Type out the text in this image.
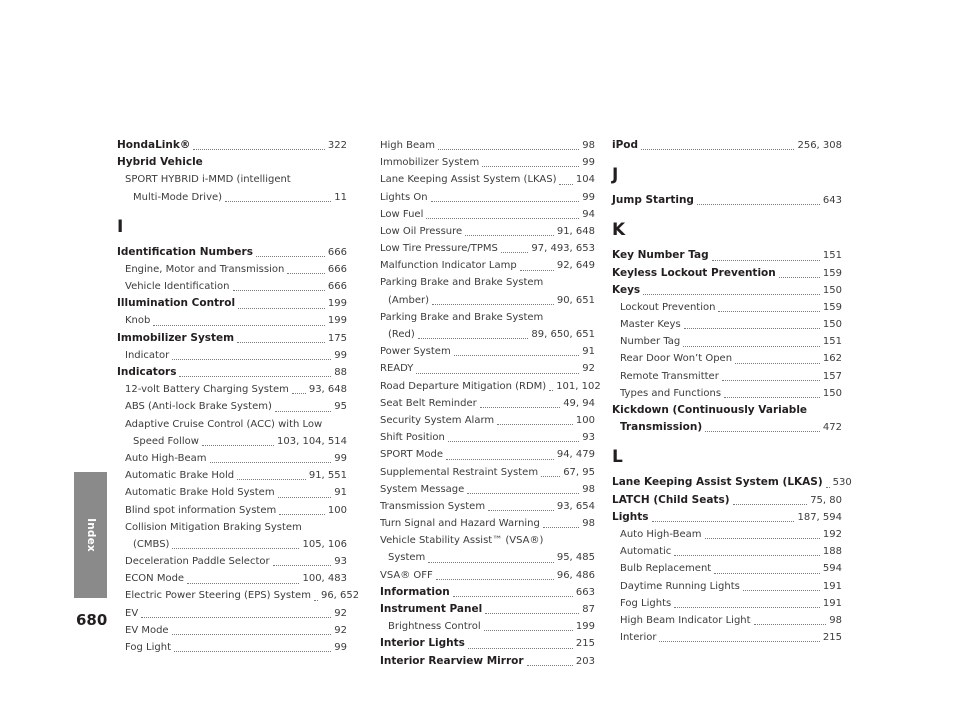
HondaLink®	322
Hybrid Vehicle
SPORT HYBRID i-MMD (intelligent
Multi-Mode Drive)	11
I
Identification Numbers	666
Engine, Motor and Transmission	666
Vehicle Identification	666
Illumination Control	199
Knob	199
Immobilizer System	175
Indicator	99
Indicators	88
12-volt Battery Charging System 93, 648
ABS (Anti-lock Brake System)	95
Adaptive Cruise Control (ACC) with Low
Speed Follow	103, 104, 514
Auto High-Beam	99
Automatic Brake Hold	91, 551
Automatic Brake Hold System	91
Blind spot information System	100
Collision Mitigation Braking System
(CMBS)	105, 106
Deceleration Paddle Selector	93
ECON Mode	100, 483
Electric Power Steering (EPS) System 96, 652
EV	92
EV Mode	92
Fog Light	99
High Beam	98
Immobilizer System	99
Lane Keeping Assist System (LKAS) 104
Lights On	99
Low Fuel	94
Low Oil Pressure	91, 648
Low Tire Pressure/TPMS	97, 493, 653
Malfunction Indicator Lamp	92, 649
Parking Brake and Brake System
(Amber)	90, 651
Parking Brake and Brake System
(Red)	89, 650, 651
Power System	91
READY	92
Road Departure Mitigation (RDM) 101, 102
Seat Belt Reminder	49, 94
Security System Alarm	100
Shift Position	93
SPORT Mode	94, 479
Supplemental Restraint System	67, 95
System Message	98
Transmission System	93, 654
Turn Signal and Hazard Warning	98
Vehicle Stability Assist™ (VSA®)
System	95, 485
VSA® OFF	96, 486
Information	663
Instrument Panel	87
Brightness Control	199
Interior Lights	215
Interior Rearview Mirror	203
iPod	256, 308
J
Jump Starting	643
K
Key Number Tag	151
Keyless Lockout Prevention	159
Keys	150
Lockout Prevention	159
Master Keys	150
Number Tag	151
Rear Door Won’t Open	162
Remote Transmitter	157
Types and Functions	150
Kickdown (Continuously Variable
Transmission)	472
L
Lane Keeping Assist System (LKAS) 530
LATCH (Child Seats)	75, 80
Lights	187, 594
Auto High-Beam	192
Automatic	188
Bulb Replacement	594
Daytime Running Lights	191
Fog Lights	191
High Beam Indicator Light	98
Interior	215
Index
680
